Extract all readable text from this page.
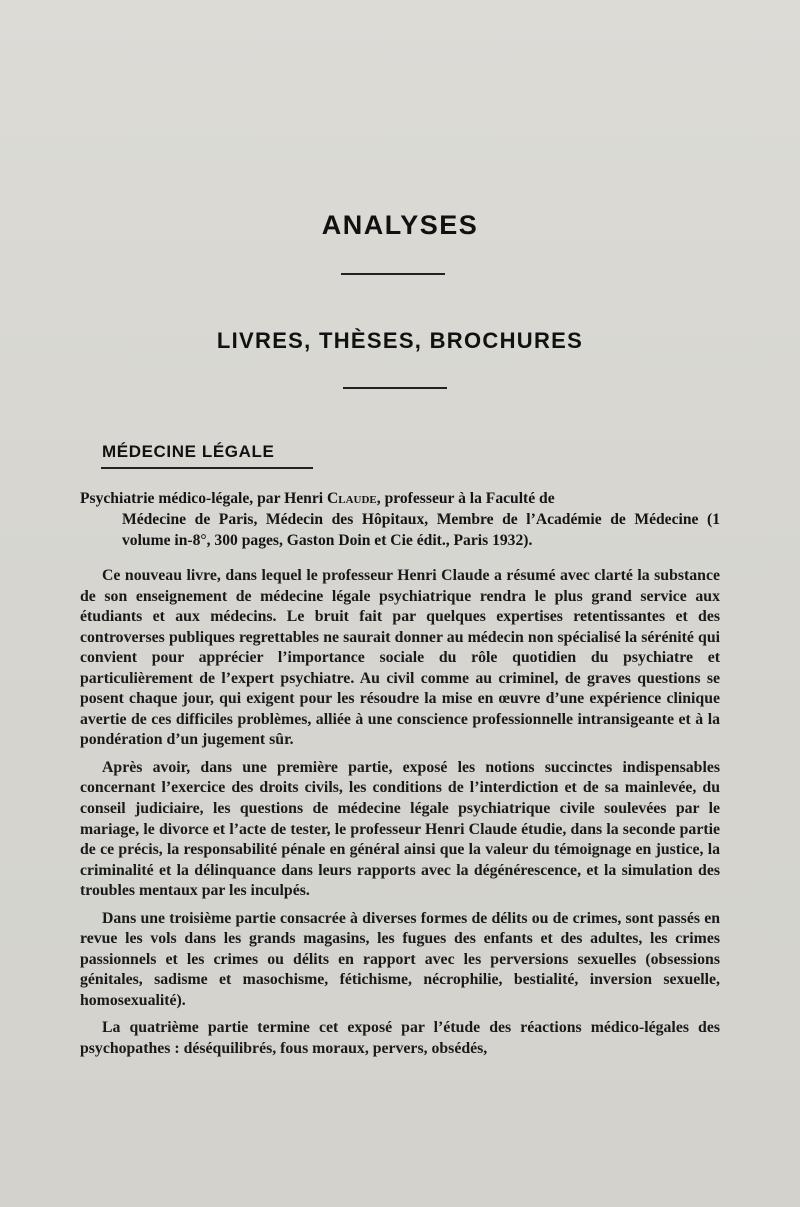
ANALYSES
LIVRES, THÈSES, BROCHURES
MÉDECINE LÉGALE
Psychiatrie médico-légale, par Henri Claude, professeur à la Faculté de
Médecine de Paris, Médecin des Hôpitaux, Membre de l’Académie de Médecine (1 volume in-8°, 300 pages, Gaston Doin et Cie édit., Paris 1932).

Ce nouveau livre, dans lequel le professeur Henri Claude a résumé avec clarté la substance de son enseignement de médecine légale psychiatrique rendra le plus grand service aux étudiants et aux médecins. Le bruit fait par quelques expertises retentissantes et des controverses publiques regrettables ne saurait donner au médecin non spécialisé la sérénité qui convient pour apprécier l’importance sociale du rôle quotidien du psychiatre et particulièrement de l’expert psychiatre. Au civil comme au criminel, de graves questions se posent chaque jour, qui exigent pour les résoudre la mise en œuvre d’une expérience clinique avertie de ces difficiles problèmes, alliée à une conscience professionnelle intransigeante et à la pondération d’un jugement sûr.

Après avoir, dans une première partie, exposé les notions succinctes indispensables concernant l’exercice des droits civils, les conditions de l’interdiction et de sa mainlevée, du conseil judiciaire, les questions de médecine légale psychiatrique civile soulevées par le mariage, le divorce et l’acte de tester, le professeur Henri Claude étudie, dans la seconde partie de ce précis, la responsabilité pénale en général ainsi que la valeur du témoignage en justice, la criminalité et la délinquance dans leurs rapports avec la dégénérescence, et la simulation des troubles mentaux par les inculpés.

Dans une troisième partie consacrée à diverses formes de délits ou de crimes, sont passés en revue les vols dans les grands magasins, les fugues des enfants et des adultes, les crimes passionnels et les crimes ou délits en rapport avec les perversions sexuelles (obsessions génitales, sadisme et masochisme, fétichisme, nécrophilie, bestialité, inversion sexuelle, homosexualité).

La quatrième partie termine cet exposé par l’étude des réactions médico-légales des psychopathes : déséquilibrés, fous moraux, pervers, obsédés,
